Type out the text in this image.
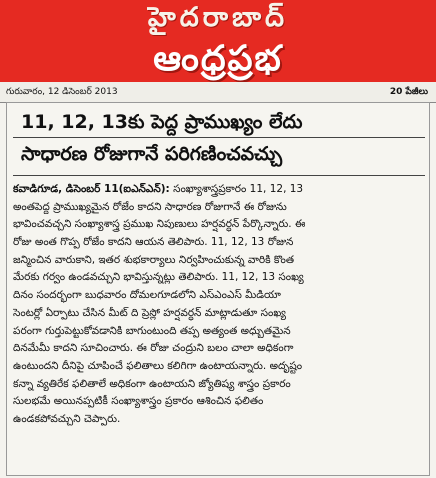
హైదరాబాద్
ఆంధ్రప్రభ
గురువారం, 12 డిసెంబర్ 2013	20 పేజీలు
11, 12, 13కు పెద్ద ప్రాముఖ్యం లేదు
సాధారణ రోజుగానే పరిగణించవచ్చు
కవాడిగూడ, డిసెంబర్ 11(ఐఎన్ఎన్): సంఖ్యాశాస్త్రప్రకారం 11, 12, 13
అంతపెద్ద ప్రాముఖ్యమైన రోజేం కాదని సాధారణ రోజుగానే ఈ రోజును
భావించవచ్చని సంఖ్యాశాస్త్ర ప్రముఖ నిపుణులు హర్షవర్ధన్ పేర్కొన్నారు. ఈ
రోజు అంత గొప్ప రోజేం కాదని ఆయన తెలిపారు. 11, 12, 13 రోజున
జన్మించిన వారుకాని, ఇతర శుభకార్యాలు నిర్వహించుకున్న వారికి కొంత
మేరకు గర్వం ఉండవచ్చుని భావిస్తున్నట్లు తెలిపారు. 11, 12, 13 సంఖ్య
దినం సందర్భంగా బుధవారం దోమలగూడలోని ఎస్ఎంఎస్ మీడియా
సెంటర్లో ఏర్పాటు చేసిన మీట్ ది ప్రెస్లో హర్షవర్ధన్ మాట్లాడుతూ సంఖ్య
పరంగా గుర్తుపెట్టుకోవడానికి బాగుంటుంది తప్ప అత్యంత అధ్బుతమైన
దినమేమీ కాదని సూచించారు. ఈ రోజు చంద్రుని బలం చాలా అధికంగా
ఉంటుందని దీనిపై చూపించే ఫలితాలు కలిగిగా ఉంటాయన్నారు. అదృష్టం
కన్నా వ్యతిరేక ఫలితాలే అధికంగా ఉంటాయని జ్యోతిష్య శాస్త్రం ప్రకారం
సులభమే అయినప్పటికీ సంఖ్యాశాస్త్రం ప్రకారం ఆశించిన ఫలితం
ఉండకపోవచ్చుని చెప్పారు.
